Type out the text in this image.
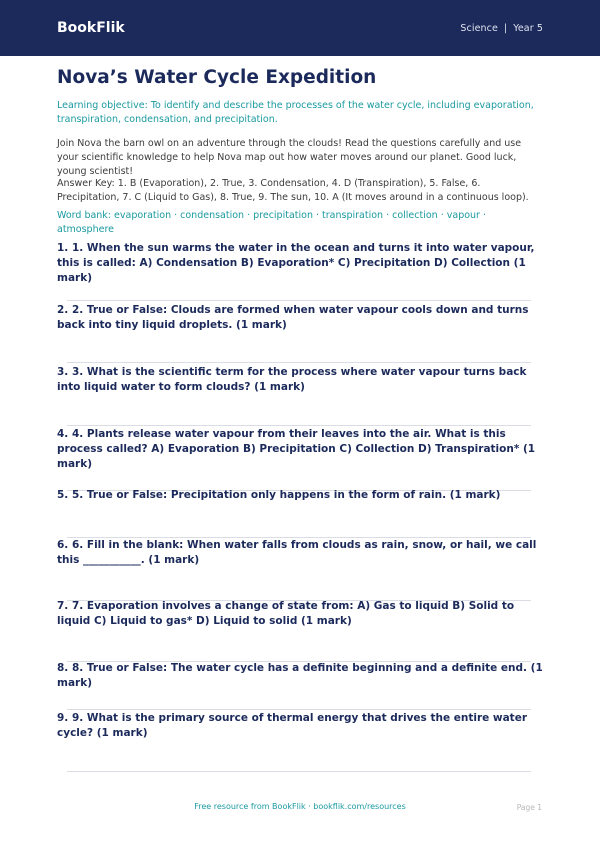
BookFlik	Science | Year 5
Nova’s Water Cycle Expedition
Learning objective: To identify and describe the processes of the water cycle, including evaporation, transpiration, condensation, and precipitation.
Join Nova the barn owl on an adventure through the clouds! Read the questions carefully and use your scientific knowledge to help Nova map out how water moves around our planet. Good luck, young scientist!
Answer Key: 1. B (Evaporation), 2. True, 3. Condensation, 4. D (Transpiration), 5. False, 6. Precipitation, 7. C (Liquid to Gas), 8. True, 9. The sun, 10. A (It moves around in a continuous loop).
Word bank: evaporation · condensation · precipitation · transpiration · collection · vapour · atmosphere
1. 1. When the sun warms the water in the ocean and turns it into water vapour, this is called: A) Condensation B) Evaporation* C) Precipitation D) Collection (1 mark)
2. 2. True or False: Clouds are formed when water vapour cools down and turns back into tiny liquid droplets. (1 mark)
3. 3. What is the scientific term for the process where water vapour turns back into liquid water to form clouds? (1 mark)
4. 4. Plants release water vapour from their leaves into the air. What is this process called? A) Evaporation B) Precipitation C) Collection D) Transpiration* (1 mark)
5. 5. True or False: Precipitation only happens in the form of rain. (1 mark)
6. 6. Fill in the blank: When water falls from clouds as rain, snow, or hail, we call this ___________. (1 mark)
7. 7. Evaporation involves a change of state from: A) Gas to liquid B) Solid to liquid C) Liquid to gas* D) Liquid to solid (1 mark)
8. 8. True or False: The water cycle has a definite beginning and a definite end. (1 mark)
9. 9. What is the primary source of thermal energy that drives the entire water cycle? (1 mark)
Free resource from BookFlik · bookflik.com/resources	Page 1
